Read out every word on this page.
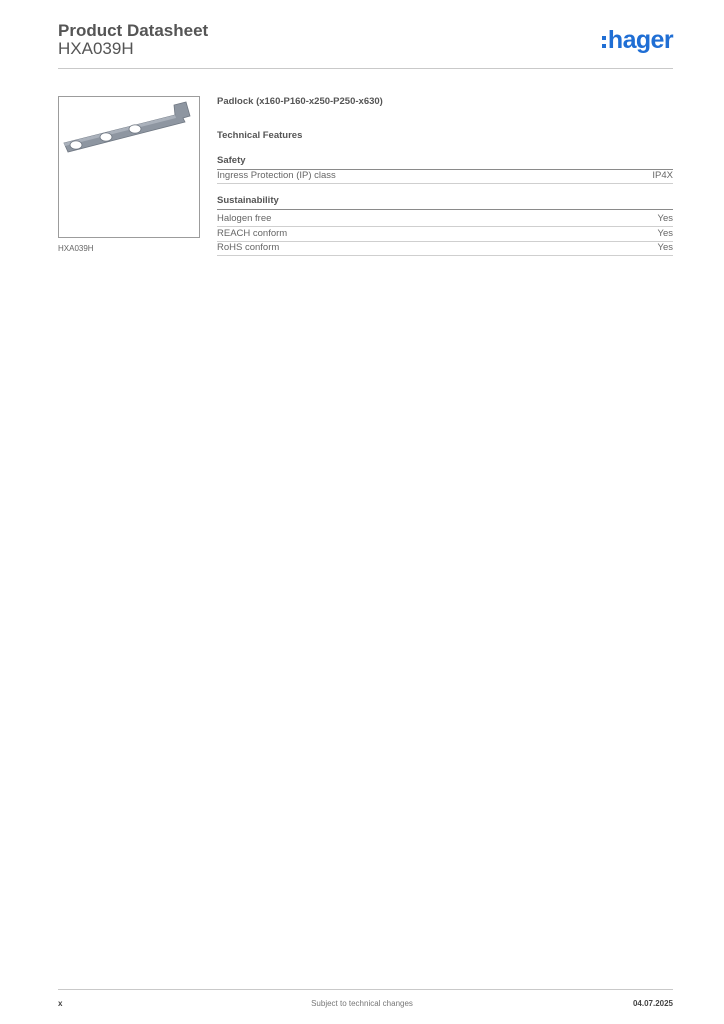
Product Datasheet
HXA039H	hager
HXA039H
Padlock (x160-P160-x250-P250-x630)
Technical Features
Safety
Ingress Protection (IP) class	IP4X
Sustainability
Halogen free	Yes
REACH conform	Yes
RoHS conform	Yes
x	Subject to technical changes	04.07.2025
